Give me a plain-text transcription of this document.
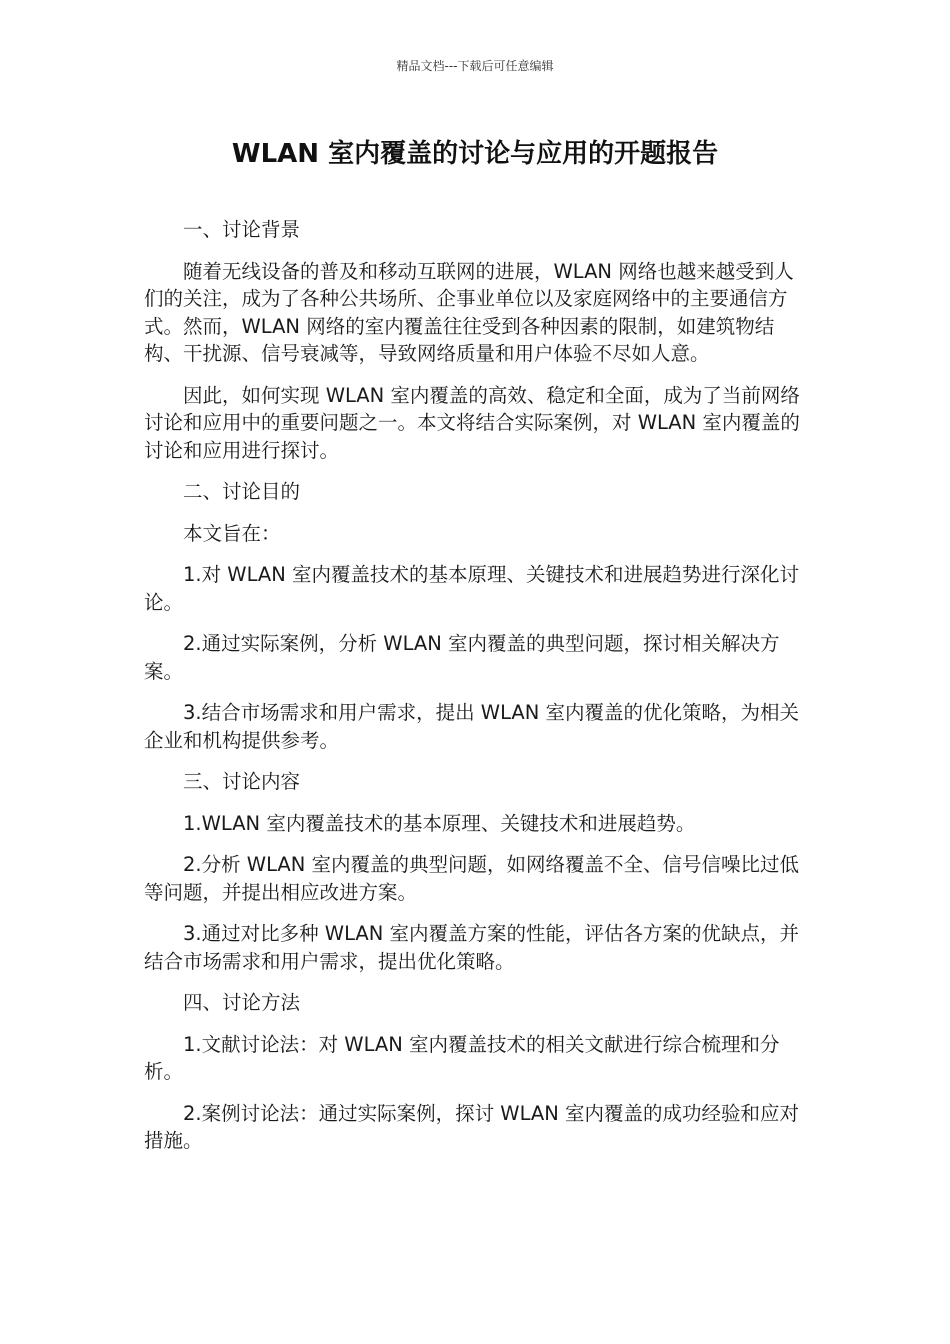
精品文档---下载后可任意编辑
WLAN 室内覆盖的讨论与应用的开题报告

一、讨论背景

随着无线设备的普及和移动互联网的进展，WLAN 网络也越来越受到人们的关注，成为了各种公共场所、企事业单位以及家庭网络中的主要通信方式。然而，WLAN 网络的室内覆盖往往受到各种因素的限制，如建筑物结构、干扰源、信号衰减等，导致网络质量和用户体验不尽如人意。

因此，如何实现 WLAN 室内覆盖的高效、稳定和全面，成为了当前网络讨论和应用中的重要问题之一。本文将结合实际案例，对 WLAN 室内覆盖的讨论和应用进行探讨。

二、讨论目的

本文旨在：

1.对 WLAN 室内覆盖技术的基本原理、关键技术和进展趋势进行深化讨论。

2.通过实际案例，分析 WLAN 室内覆盖的典型问题，探讨相关解决方案。

3.结合市场需求和用户需求，提出 WLAN 室内覆盖的优化策略，为相关企业和机构提供参考。

三、讨论内容

1.WLAN 室内覆盖技术的基本原理、关键技术和进展趋势。

2.分析 WLAN 室内覆盖的典型问题，如网络覆盖不全、信号信噪比过低等问题，并提出相应改进方案。

3.通过对比多种 WLAN 室内覆盖方案的性能，评估各方案的优缺点，并结合市场需求和用户需求，提出优化策略。

四、讨论方法

1.文献讨论法：对 WLAN 室内覆盖技术的相关文献进行综合梳理和分析。

2.案例讨论法：通过实际案例，探讨 WLAN 室内覆盖的成功经验和应对措施。
